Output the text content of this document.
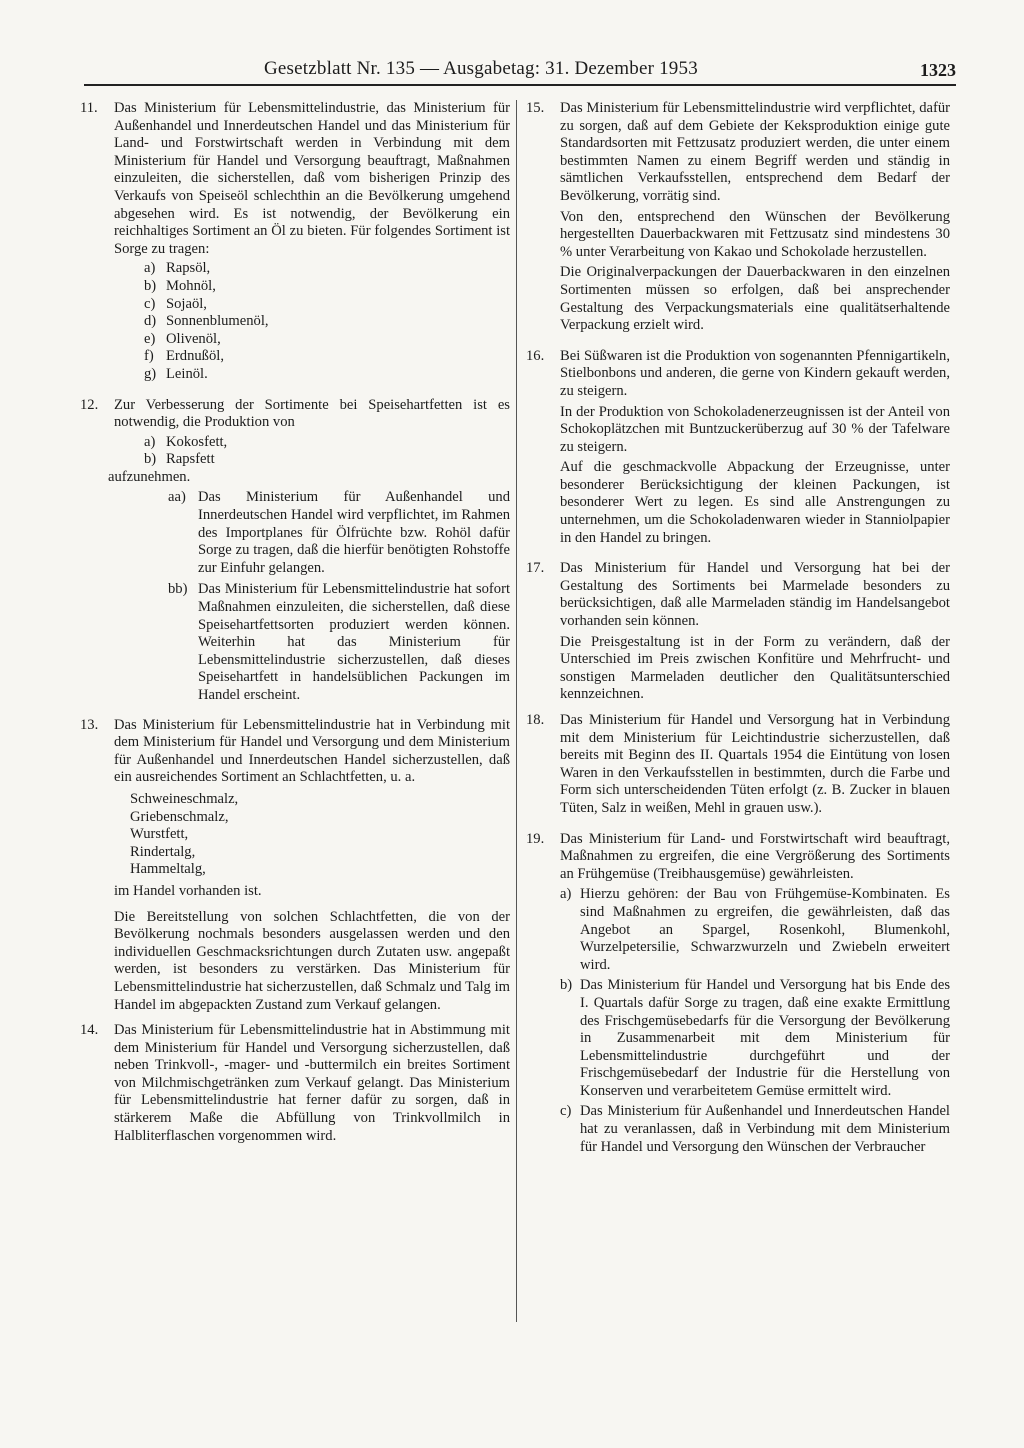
Gesetzblatt Nr. 135 — Ausgabetag: 31. Dezember 1953	1323
11. Das Ministerium für Lebensmittelindustrie, das Ministerium für Außenhandel und Innerdeutschen Handel und das Ministerium für Land- und Forstwirtschaft werden in Verbindung mit dem Ministerium für Handel und Versorgung beauftragt, Maßnahmen einzuleiten, die sicherstellen, daß vom bisherigen Prinzip des Verkaufs von Speiseöl schlechthin an die Bevölkerung umgehend abgesehen wird. Es ist notwendig, der Bevölkerung ein reichhaltiges Sortiment an Öl zu bieten. Für folgendes Sortiment ist Sorge zu tragen:

a) Rapsöl,
b) Mohnöl,
c) Sojaöl,
d) Sonnenblumenöl,
e) Olivenöl,
f) Erdnußöl,
g) Leinöl.
12. Zur Verbesserung der Sortimente bei Speisehartfetten ist es notwendig, die Produktion von

a) Kokosfett,
b) Rapsfett

aufzunehmen.

aa) Das Ministerium für Außenhandel und Innerdeutschen Handel wird verpflichtet, im Rahmen des Importplanes für Ölfrüchte bzw. Rohöl dafür Sorge zu tragen, daß die hierfür benötigten Rohstoffe zur Einfuhr gelangen.
bb) Das Ministerium für Lebensmittelindustrie hat sofort Maßnahmen einzuleiten, die sicherstellen, daß diese Speisehartfettsorten produziert werden können. Weiterhin hat das Ministerium für Lebensmittelindustrie sicherzustellen, daß dieses Speisehartfett in handelsüblichen Packungen im Handel erscheint.
13. Das Ministerium für Lebensmittelindustrie hat in Verbindung mit dem Ministerium für Handel und Versorgung und dem Ministerium für Außenhandel und Innerdeutschen Handel sicherzustellen, daß ein ausreichendes Sortiment an Schlachtfetten, u. a.

Schweineschmalz,
Griebenschmalz,
Wurstfett,
Rindertalg,
Hammeltalg,

im Handel vorhanden ist.

Die Bereitstellung von solchen Schlachtfetten, die von der Bevölkerung nochmals besonders ausgelassen werden und den individuellen Geschmacksrichtungen durch Zutaten usw. angepaßt werden, ist besonders zu verstärken. Das Ministerium für Lebensmittelindustrie hat sicherzustellen, daß Schmalz und Talg im Handel im abgepackten Zustand zum Verkauf gelangen.

14. Das Ministerium für Lebensmittelindustrie hat in Abstimmung mit dem Ministerium für Handel und Versorgung sicherzustellen, daß neben Trinkvoll-, -mager- und -buttermilch ein breites Sortiment von Milchmischgetränken zum Verkauf gelangt. Das Ministerium für Lebensmittelindustrie hat ferner dafür zu sorgen, daß in stärkerem Maße die Abfüllung von Trinkvollmilch in Halbliterflaschen vorgenommen wird.

15. Das Ministerium für Lebensmittelindustrie wird verpflichtet, dafür zu sorgen, daß auf dem Gebiete der Keksproduktion einige gute Standardsorten mit Fettzusatz produziert werden, die unter einem bestimmten Namen zu einem Begriff werden und ständig in sämtlichen Verkaufsstellen, entsprechend dem Bedarf der Bevölkerung, vorrätig sind.

Von den, entsprechend den Wünschen der Bevölkerung hergestellten Dauerbackwaren mit Fettzusatz sind mindestens 30 % unter Verarbeitung von Kakao und Schokolade herzustellen.

Die Originalverpackungen der Dauerbackwaren in den einzelnen Sortimenten müssen so erfolgen, daß bei ansprechender Gestaltung des Verpackungsmaterials eine qualitätserhaltende Verpackung erzielt wird.

16. Bei Süßwaren ist die Produktion von sogenannten Pfennigartikeln, Stielbonbons und anderen, die gerne von Kindern gekauft werden, zu steigern.

In der Produktion von Schokoladenerzeugnissen ist der Anteil von Schokoplätzchen mit Buntzuckerüberzug auf 30 % der Tafelware zu steigern.

Auf die geschmackvolle Abpackung der Erzeugnisse, unter besonderer Berücksichtigung der kleinen Packungen, ist besonderer Wert zu legen. Es sind alle Anstrengungen zu unternehmen, um die Schokoladenwaren wieder in Stanniolpapier in den Handel zu bringen.

17. Das Ministerium für Handel und Versorgung hat bei der Gestaltung des Sortiments bei Marmelade besonders zu berücksichtigen, daß alle Marmeladen ständig im Handelsangebot vorhanden sein können.

Die Preisgestaltung ist in der Form zu verändern, daß der Unterschied im Preis zwischen Konfitüre und Mehrfrucht- und sonstigen Marmeladen deutlicher den Qualitätsunterschied kennzeichnen.

18. Das Ministerium für Handel und Versorgung hat in Verbindung mit dem Ministerium für Leichtindustrie sicherzustellen, daß bereits mit Beginn des II. Quartals 1954 die Eintütung von losen Waren in den Verkaufsstellen in bestimmten, durch die Farbe und Form sich unterscheidenden Tüten erfolgt (z. B. Zucker in blauen Tüten, Salz in weißen, Mehl in grauen usw.).

19. Das Ministerium für Land- und Forstwirtschaft wird beauftragt, Maßnahmen zu ergreifen, die eine Vergrößerung des Sortiments an Frühgemüse (Treibhausgemüse) gewährleisten.

a) Hierzu gehören: der Bau von Frühgemüse-Kombinaten. Es sind Maßnahmen zu ergreifen, die gewährleisten, daß das Angebot an Spargel, Rosenkohl, Blumenkohl, Wurzelpetersilie, Schwarzwurzeln und Zwiebeln erweitert wird.
b) Das Ministerium für Handel und Versorgung hat bis Ende des I. Quartals dafür Sorge zu tragen, daß eine exakte Ermittlung des Frischgemüsebedarfs für die Versorgung der Bevölkerung in Zusammenarbeit mit dem Ministerium für Lebensmittelindustrie durchgeführt und der Frischgemüsebedarf der Industrie für die Herstellung von Konserven und verarbeitetem Gemüse ermittelt wird.
c) Das Ministerium für Außenhandel und Innerdeutschen Handel hat zu veranlassen, daß in Verbindung mit dem Ministerium für Handel und Versorgung den Wünschen der Verbraucher
